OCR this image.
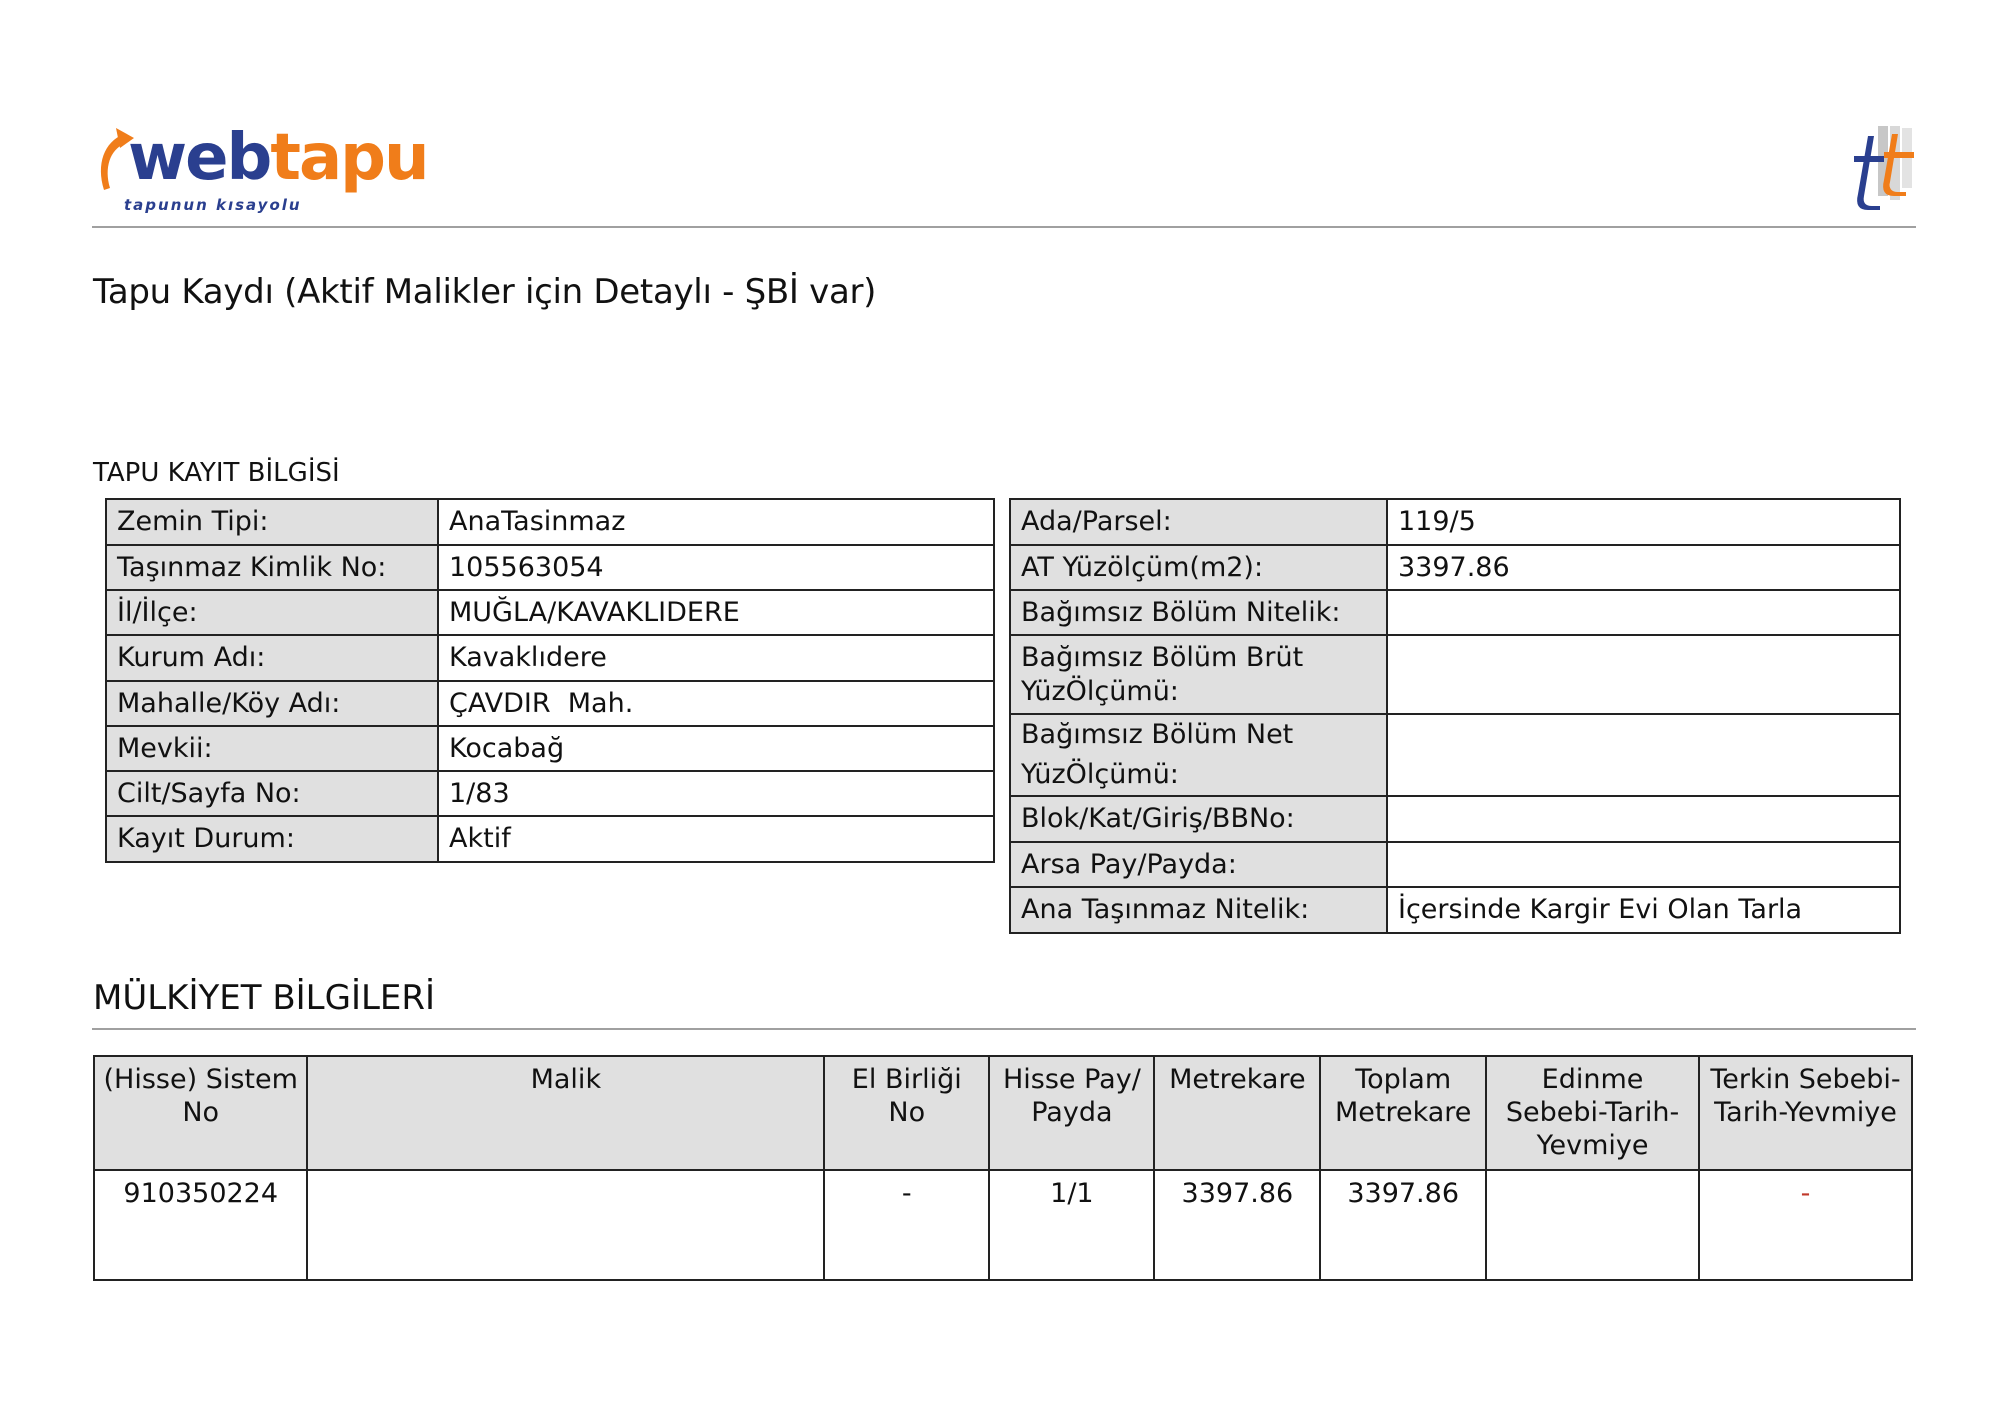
webtapu
tapunun kısayolu
Tapu Kaydı (Aktif Malikler için Detaylı - ŞBİ var)
TAPU KAYIT BİLGİSİ
Zemin Tipi:	AnaTasinmaz
Taşınmaz Kimlik No:	105563054
İl/İlçe:	MUĞLA/KAVAKLIDERE
Kurum Adı:	Kavaklıdere
Mahalle/Köy Adı:	ÇAVDIR  Mah.
Mevkii:	Kocabağ
Cilt/Sayfa No:	1/83
Kayıt Durum:	Aktif
Ada/Parsel:	119/5
AT Yüzölçüm(m2):	3397.86
Bağımsız Bölüm Nitelik:	
Bağımsız Bölüm Brüt YüzÖlçümü:	
Bağımsız Bölüm Net YüzÖlçümü:	
Blok/Kat/Giriş/BBNo:	
Arsa Pay/Payda:	
Ana Taşınmaz Nitelik:	İçersinde Kargir Evi Olan Tarla
MÜLKİYET BİLGİLERİ
(Hisse) Sistem No	Malik	El Birliği No	Hisse Pay/ Payda	Metrekare	Toplam Metrekare	Edinme Sebebi-Tarih-Yevmiye	Terkin Sebebi-Tarih-Yevmiye
910350224		-	1/1	3397.86	3397.86		-
